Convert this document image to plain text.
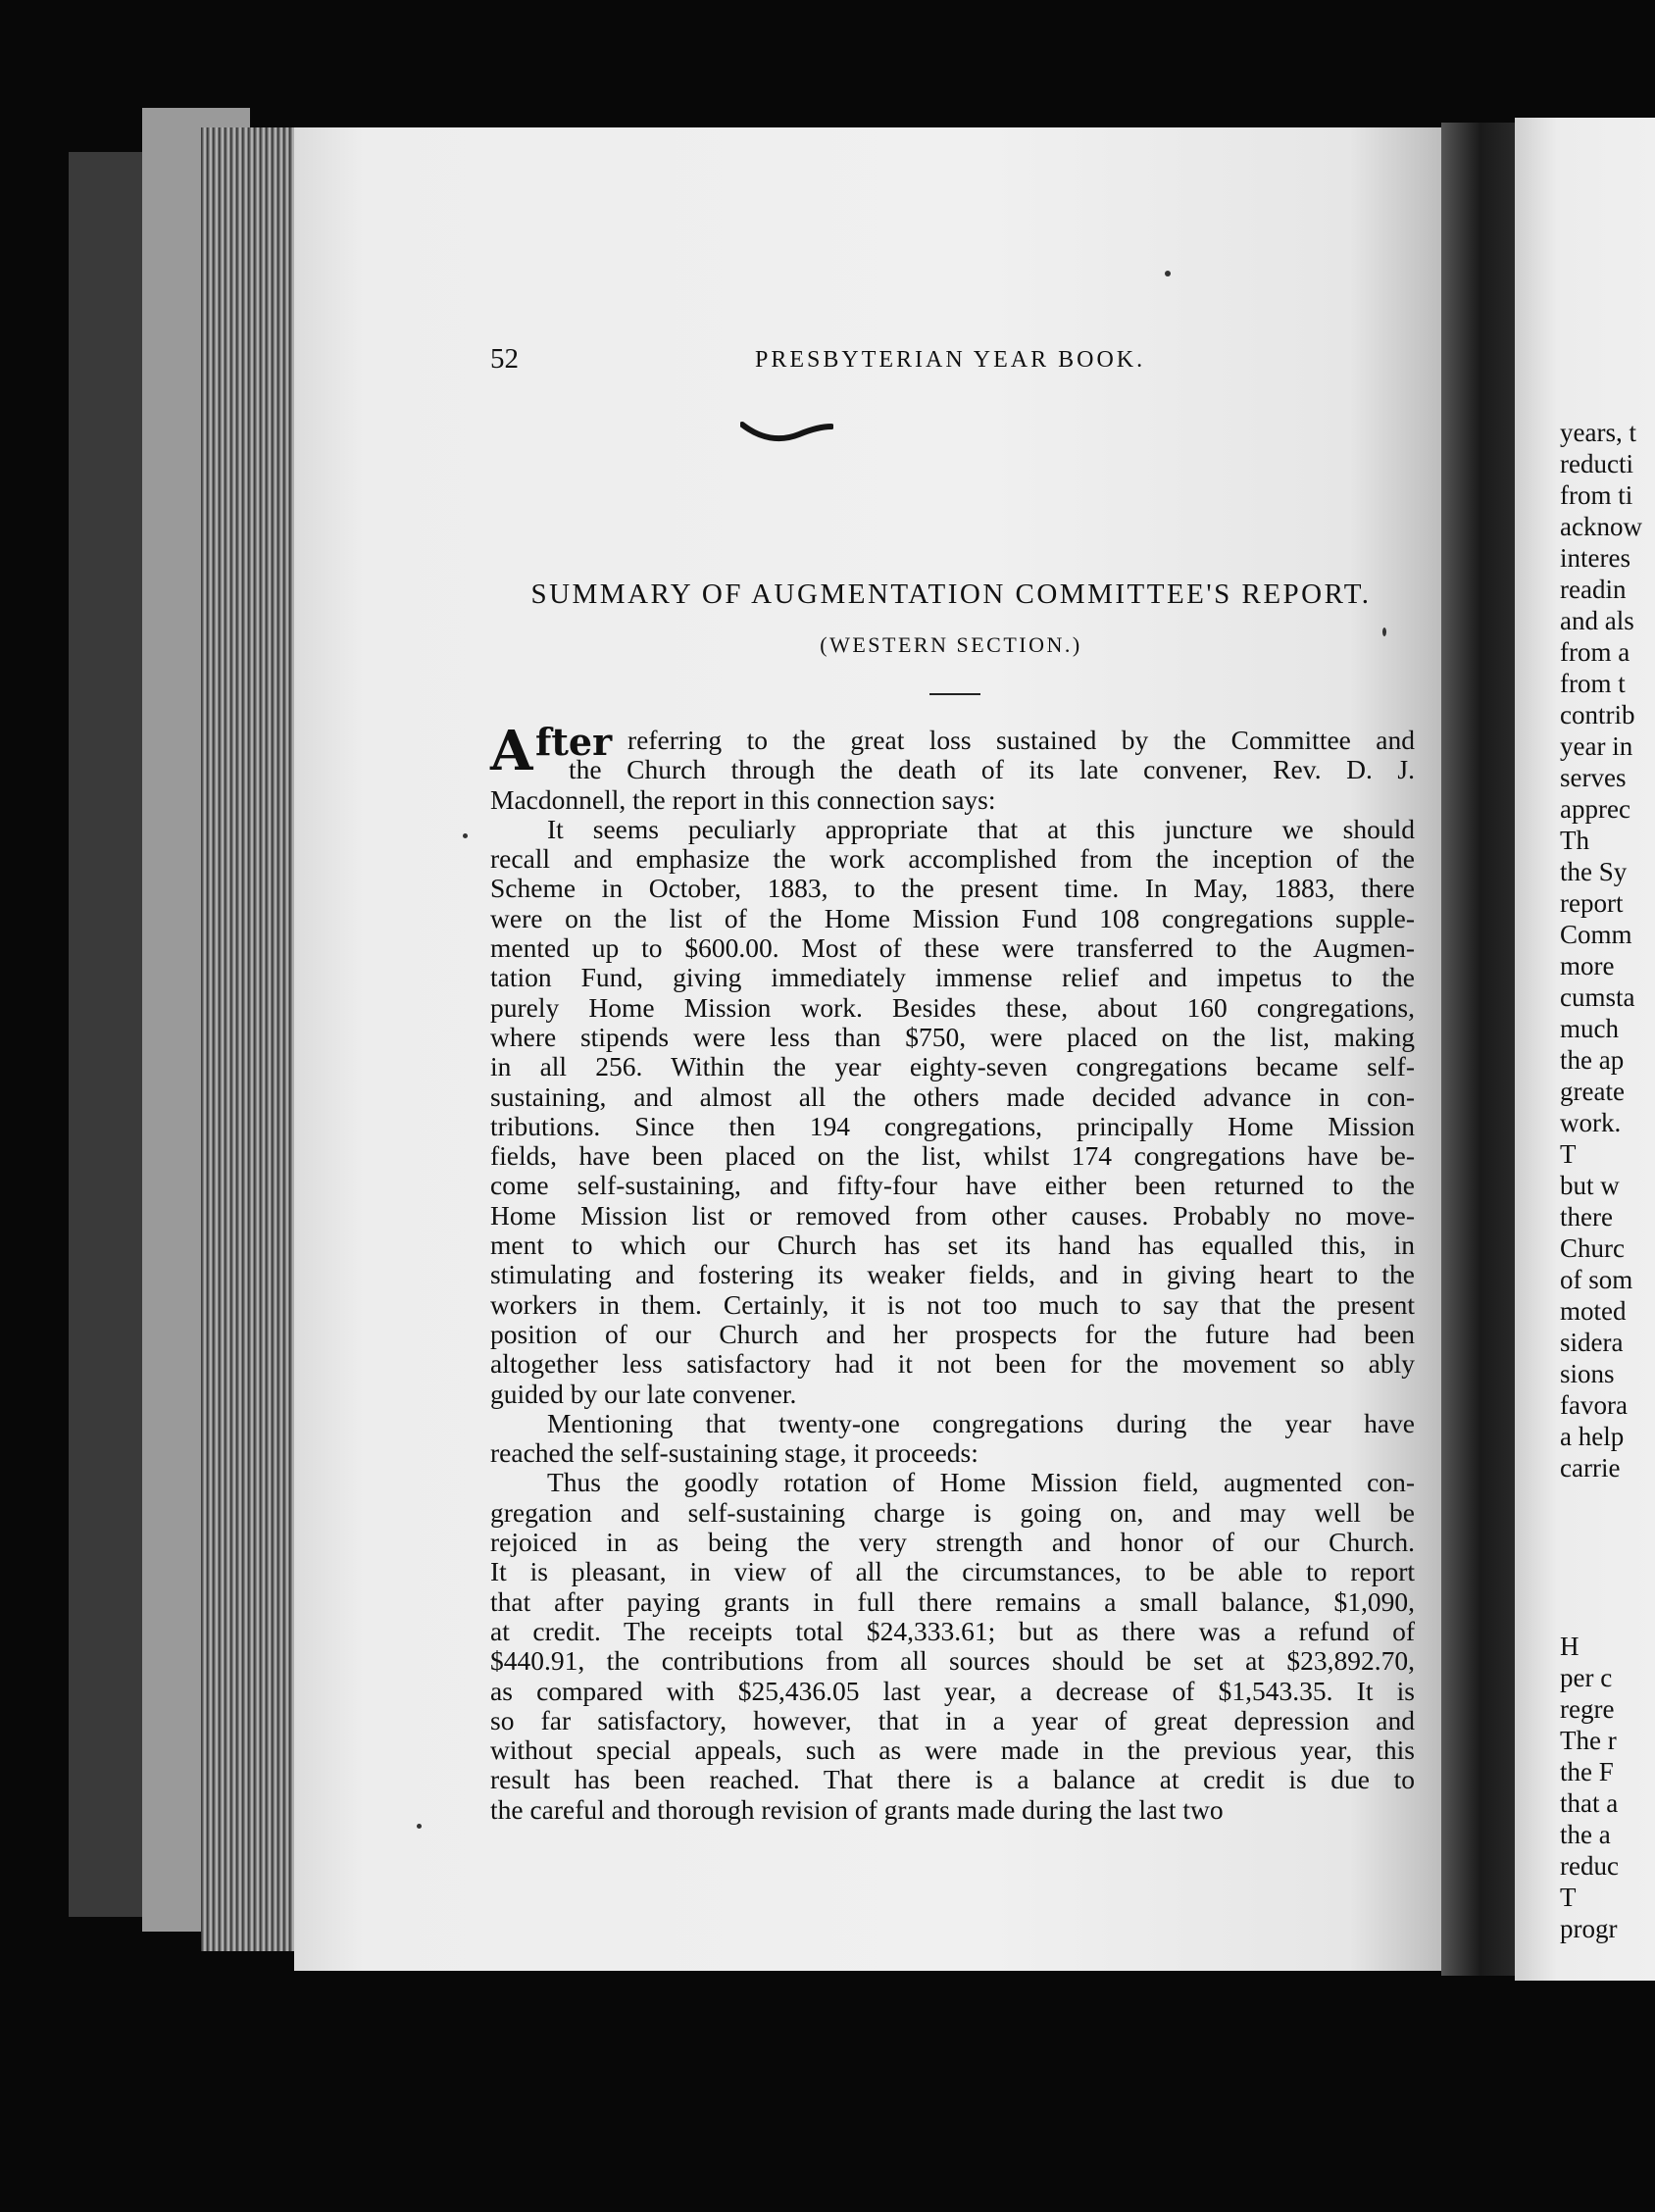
52	PRESBYTERIAN YEAR BOOK.
SUMMARY OF AUGMENTATION COMMITTEE'S REPORT.
(WESTERN SECTION.)
A fter referring to the great loss sustained by the Committee and
the Church through the death of its late convener, Rev. D. J.
Macdonnell, the report in this connection says:
It seems peculiarly appropriate that at this juncture we should
recall and emphasize the work accomplished from the inception of the
Scheme in October, 1883, to the present time. In May, 1883, there
were on the list of the Home Mission Fund 108 congregations supple-
mented up to $600.00. Most of these were transferred to the Augmen-
tation Fund, giving immediately immense relief and impetus to the
purely Home Mission work. Besides these, about 160 congregations,
where stipends were less than $750, were placed on the list, making
in all 256. Within the year eighty-seven congregations became self-
sustaining, and almost all the others made decided advance in con-
tributions. Since then 194 congregations, principally Home Mission
fields, have been placed on the list, whilst 174 congregations have be-
come self-sustaining, and fifty-four have either been returned to the
Home Mission list or removed from other causes. Probably no move-
ment to which our Church has set its hand has equalled this, in
stimulating and fostering its weaker fields, and in giving heart to the
workers in them. Certainly, it is not too much to say that the present
position of our Church and her prospects for the future had been
altogether less satisfactory had it not been for the movement so ably
guided by our late convener.
Mentioning that twenty-one congregations during the year have
reached the self-sustaining stage, it proceeds:
Thus the goodly rotation of Home Mission field, augmented con-
gregation and self-sustaining charge is going on, and may well be
rejoiced in as being the very strength and honor of our Church.
It is pleasant, in view of all the circumstances, to be able to report
that after paying grants in full there remains a small balance, $1,090,
at credit. The receipts total $24,333.61; but as there was a refund of
$440.91, the contributions from all sources should be set at $23,892.70,
as compared with $25,436.05 last year, a decrease of $1,543.35. It is
so far satisfactory, however, that in a year of great depression and
without special appeals, such as were made in the previous year, this
result has been reached. That there is a balance at credit is due to
the careful and thorough revision of grants made during the last two
years, t
reducti
from ti
acknow
interes
readin
and als
from a
from t
contrib
year in
serves
apprec
Th
the Sy
report
Comm
more
cumsta
much
the ap
greate
work.
T
but w
there
Churc
of som
moted
sidera
sions
favora
a help
carrie
H
per c
regre
The r
the F
that a
the a
reduc
T
progr
